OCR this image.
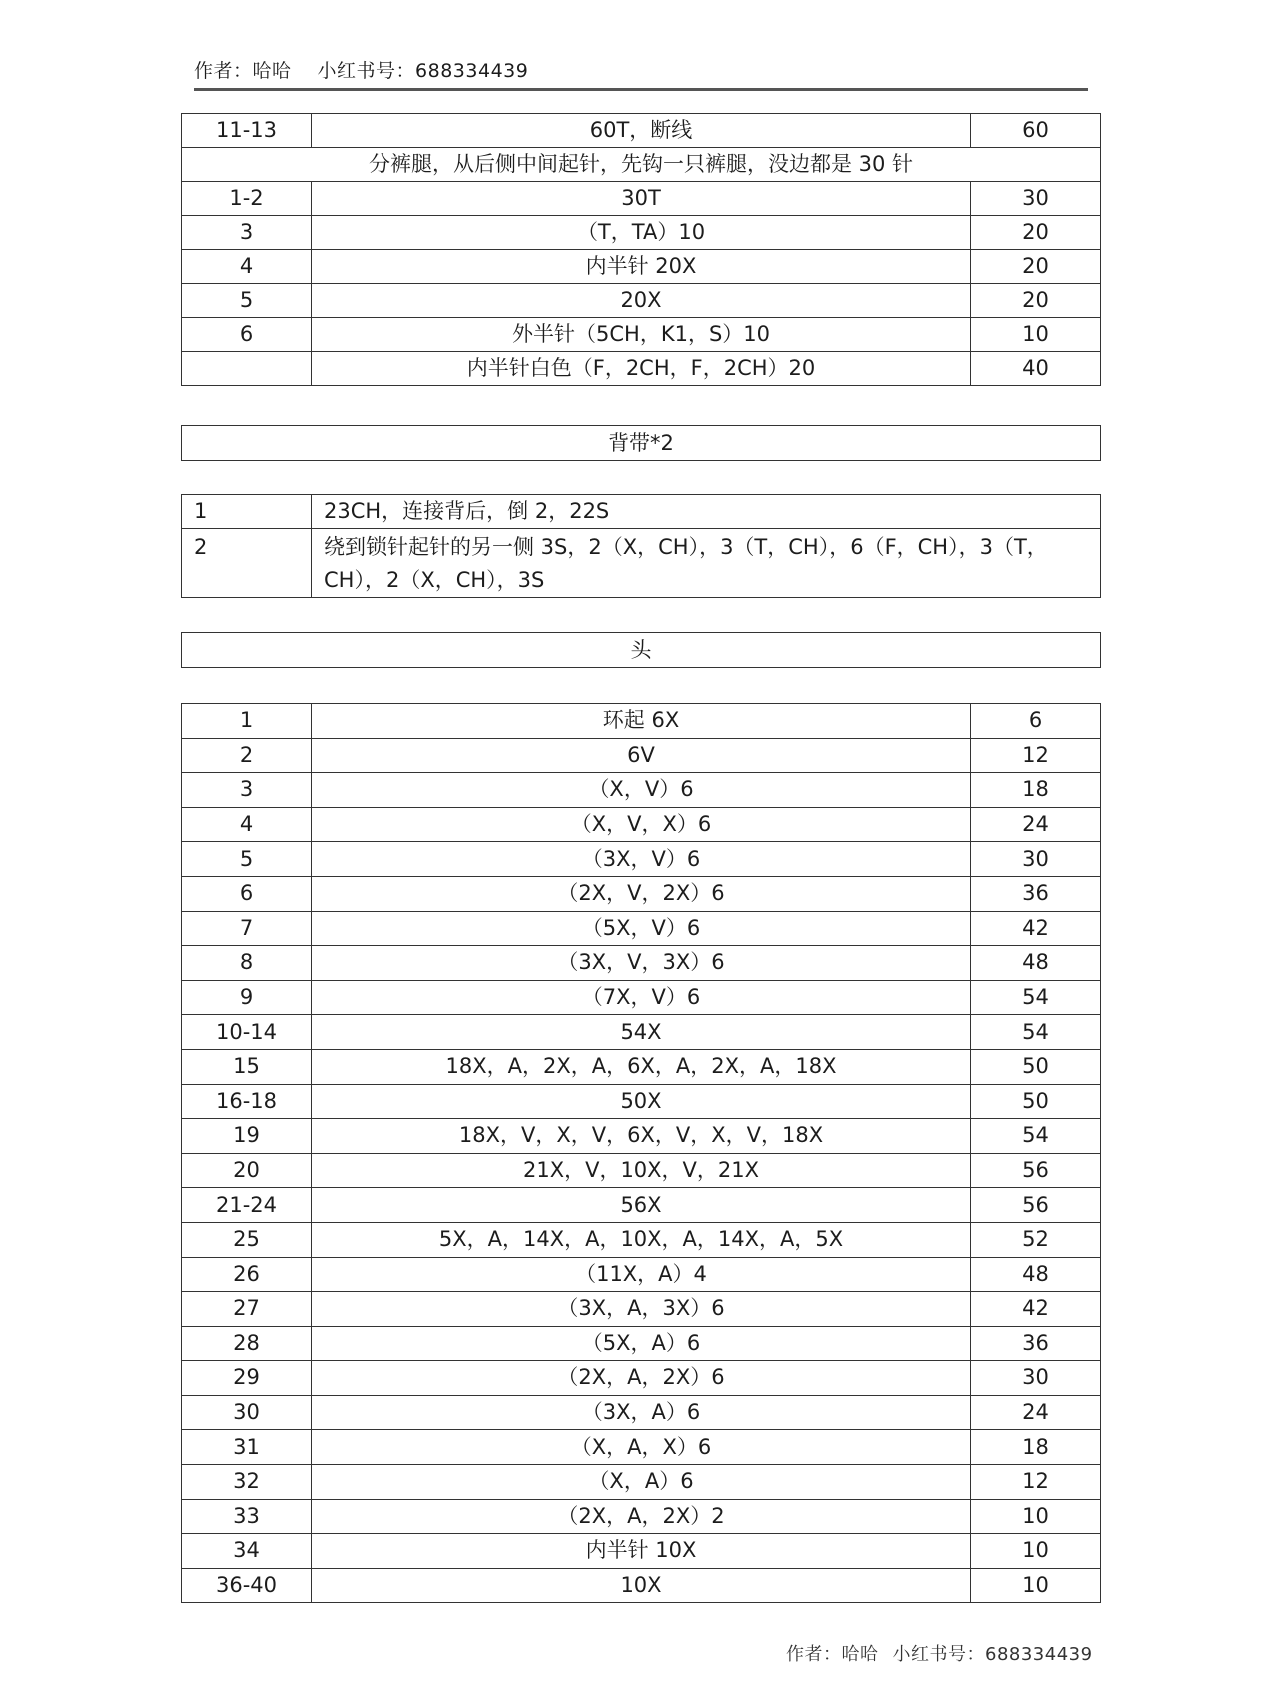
作者：哈哈 小红书号：688334439
11-13	60T，断线	60
分裤腿，从后侧中间起针，先钩一只裤腿，没边都是 30 针		
1-2	30T	30
3	（T，TA）10	20
4	内半针 20X	20
5	20X	20
6	外半针（5CH，K1，S）10	10
	内半针白色（F，2CH，F，2CH）20	40
背带*2
1	23CH，连接背后，倒 2，22S
2	绕到锁针起针的另一侧 3S，2（X，CH），3（T，CH），6（F，CH），3（T，CH），2（X，CH），3S
头
1	环起 6X	6
2	6V	12
3	（X，V）6	18
4	（X，V，X）6	24
5	（3X，V）6	30
6	（2X，V，2X）6	36
7	（5X，V）6	42
8	（3X，V，3X）6	48
9	（7X，V）6	54
10-14	54X	54
15	18X，A，2X，A，6X，A，2X，A，18X	50
16-18	50X	50
19	18X，V，X，V，6X，V，X，V，18X	54
20	21X，V，10X，V，21X	56
21-24	56X	56
25	5X，A，14X，A，10X，A，14X，A，5X	52
26	（11X，A）4	48
27	（3X，A，3X）6	42
28	（5X，A）6	36
29	（2X，A，2X）6	30
30	（3X，A）6	24
31	（X，A，X）6	18
32	（X，A）6	12
33	（2X，A，2X）2	10
34	内半针 10X	10
36-40	10X	10
作者：哈哈 小红书号：688334439
